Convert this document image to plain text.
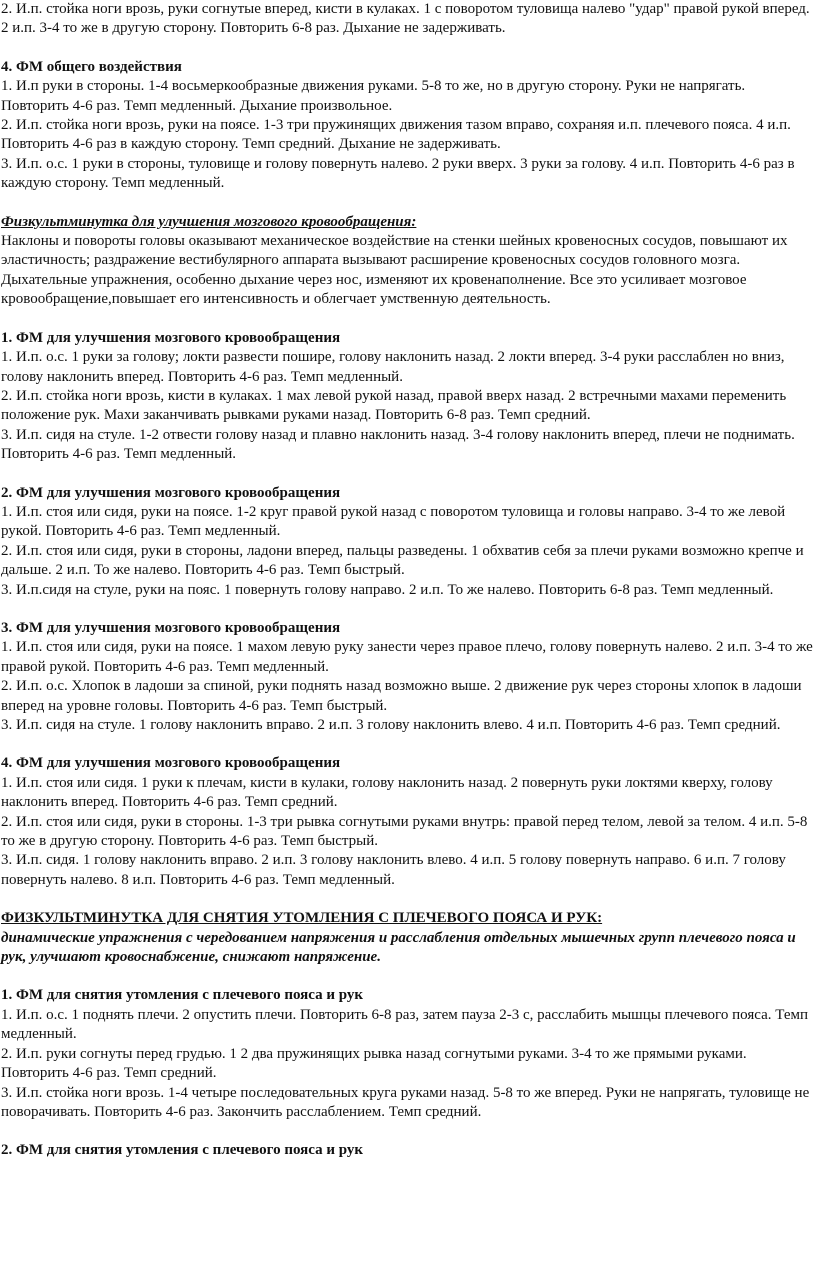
2. И.п. стойка ноги врозь, руки согнутые вперед, кисти в кулаках. 1 с поворотом туловища налево "удар" правой рукой вперед. 2 и.п. 3-4 то же в другую сторону. Повторить 6-8 раз. Дыхание не задерживать.

4. ФМ общего воздействия

1. И.п руки в стороны. 1-4 восьмеркообразные движения руками. 5-8 то же, но в другую сторону. Руки не напрягать. Повторить 4-6 раз. Темп медленный. Дыхание произвольное.

2. И.п. стойка ноги врозь, руки на поясе. 1-3 три пружинящих движения тазом вправо, сохраняя и.п. плечевого пояса. 4 и.п. Повторить 4-6 раз в каждую сторону. Темп средний. Дыхание не задерживать.

3. И.п. о.с. 1 руки в стороны, туловище и голову повернуть налево. 2 руки вверх. 3 руки за голову. 4 и.п. Повторить 4-6 раз в каждую сторону. Темп медленный.

Физкультминутка для улучшения мозгового кровообращения:

Наклоны и повороты головы оказывают механическое воздействие на стенки шейных кровеносных сосудов, повышают их эластичность; раздражение вестибулярного аппарата вызывают расширение кровеносных сосудов головного мозга. Дыхательные упражнения, особенно дыхание через нос, изменяют их кровенаполнение. Все это усиливает мозговое кровообращение,повышает его интенсивность и облегчает умственную деятельность.

1. ФМ для улучшения мозгового кровообращения

1. И.п. о.с. 1 руки за голову; локти развести пошире, голову наклонить назад. 2 локти вперед. 3-4 руки расслаблен но вниз, голову наклонить вперед. Повторить 4-6 раз. Темп медленный.

2. И.п. стойка ноги врозь, кисти в кулаках. 1 мах левой рукой назад, правой вверх назад. 2 встречными махами переменить положение рук. Махи заканчивать рывками руками назад. Повторить 6-8 раз. Темп средний.

3. И.п. сидя на стуле. 1-2 отвести голову назад и плавно наклонить назад. 3-4 голову наклонить вперед, плечи не поднимать. Повторить 4-6 раз. Темп медленный.

2. ФМ для улучшения мозгового кровообращения

1. И.п. стоя или сидя, руки на поясе. 1-2 круг правой рукой назад с поворотом туловища и головы направо. 3-4 то же левой рукой. Повторить 4-6 раз. Темп медленный.

2. И.п. стоя или сидя, руки в стороны, ладони вперед, пальцы разведены. 1 обхватив себя за плечи руками возможно крепче и дальше. 2 и.п. То же налево. Повторить 4-6 раз. Темп быстрый.

3. И.п.сидя на стуле, руки на пояс. 1 повернуть голову направо. 2 и.п. То же налево. Повторить 6-8 раз. Темп медленный.

3. ФМ для улучшения мозгового кровообращения

1. И.п. стоя или сидя, руки на поясе. 1 махом левую руку занести через правое плечо, голову повернуть налево. 2 и.п. 3-4 то же правой рукой. Повторить 4-6 раз. Темп медленный.

2. И.п. о.с. Хлопок в ладоши за спиной, руки поднять назад возможно выше. 2 движение рук через стороны хлопок в ладоши вперед на уровне головы. Повторить 4-6 раз. Темп быстрый.

3. И.п. сидя на стуле. 1 голову наклонить вправо. 2 и.п. 3 голову наклонить влево. 4 и.п. Повторить 4-6 раз. Темп средний.

4. ФМ для улучшения мозгового кровообращения

1. И.п. стоя или сидя. 1 руки к плечам, кисти в кулаки, голову наклонить назад. 2 повернуть руки локтями кверху, голову наклонить вперед. Повторить 4-6 раз. Темп средний.

2. И.п. стоя или сидя, руки в стороны. 1-3 три рывка согнутыми руками внутрь: правой перед телом, левой за телом. 4 и.п. 5-8 то же в другую сторону. Повторить 4-6 раз. Темп быстрый.

3. И.п. сидя. 1 голову наклонить вправо. 2 и.п. 3 голову наклонить влево. 4 и.п. 5 голову повернуть направо. 6 и.п. 7 голову повернуть налево. 8 и.п. Повторить 4-6 раз. Темп медленный.

ФИЗКУЛЬТМИНУТКА ДЛЯ СНЯТИЯ УТОМЛЕНИЯ С ПЛЕЧЕВОГО ПОЯСА И РУК:

динамические упражнения с чередованием напряжения и расслабления отдельных мышечных групп плечевого пояса и рук, улучшают кровоснабжение, снижают напряжение.

1. ФМ для снятия утомления с плечевого пояса и рук

1. И.п. о.с. 1 поднять плечи. 2 опустить плечи. Повторить 6-8 раз, затем пауза 2-3 с, расслабить мышцы плечевого пояса. Темп медленный.

2. И.п. руки согнуты перед грудью. 1 2 два пружинящих рывка назад согнутыми руками. 3-4 то же прямыми руками. Повторить 4-6 раз. Темп средний.

3. И.п. стойка ноги врозь. 1-4 четыре последовательных круга руками назад. 5-8 то же вперед. Руки не напрягать, туловище не поворачивать. Повторить 4-6 раз. Закончить расслаблением. Темп средний.

2. ФМ для снятия утомления с плечевого пояса и рук
